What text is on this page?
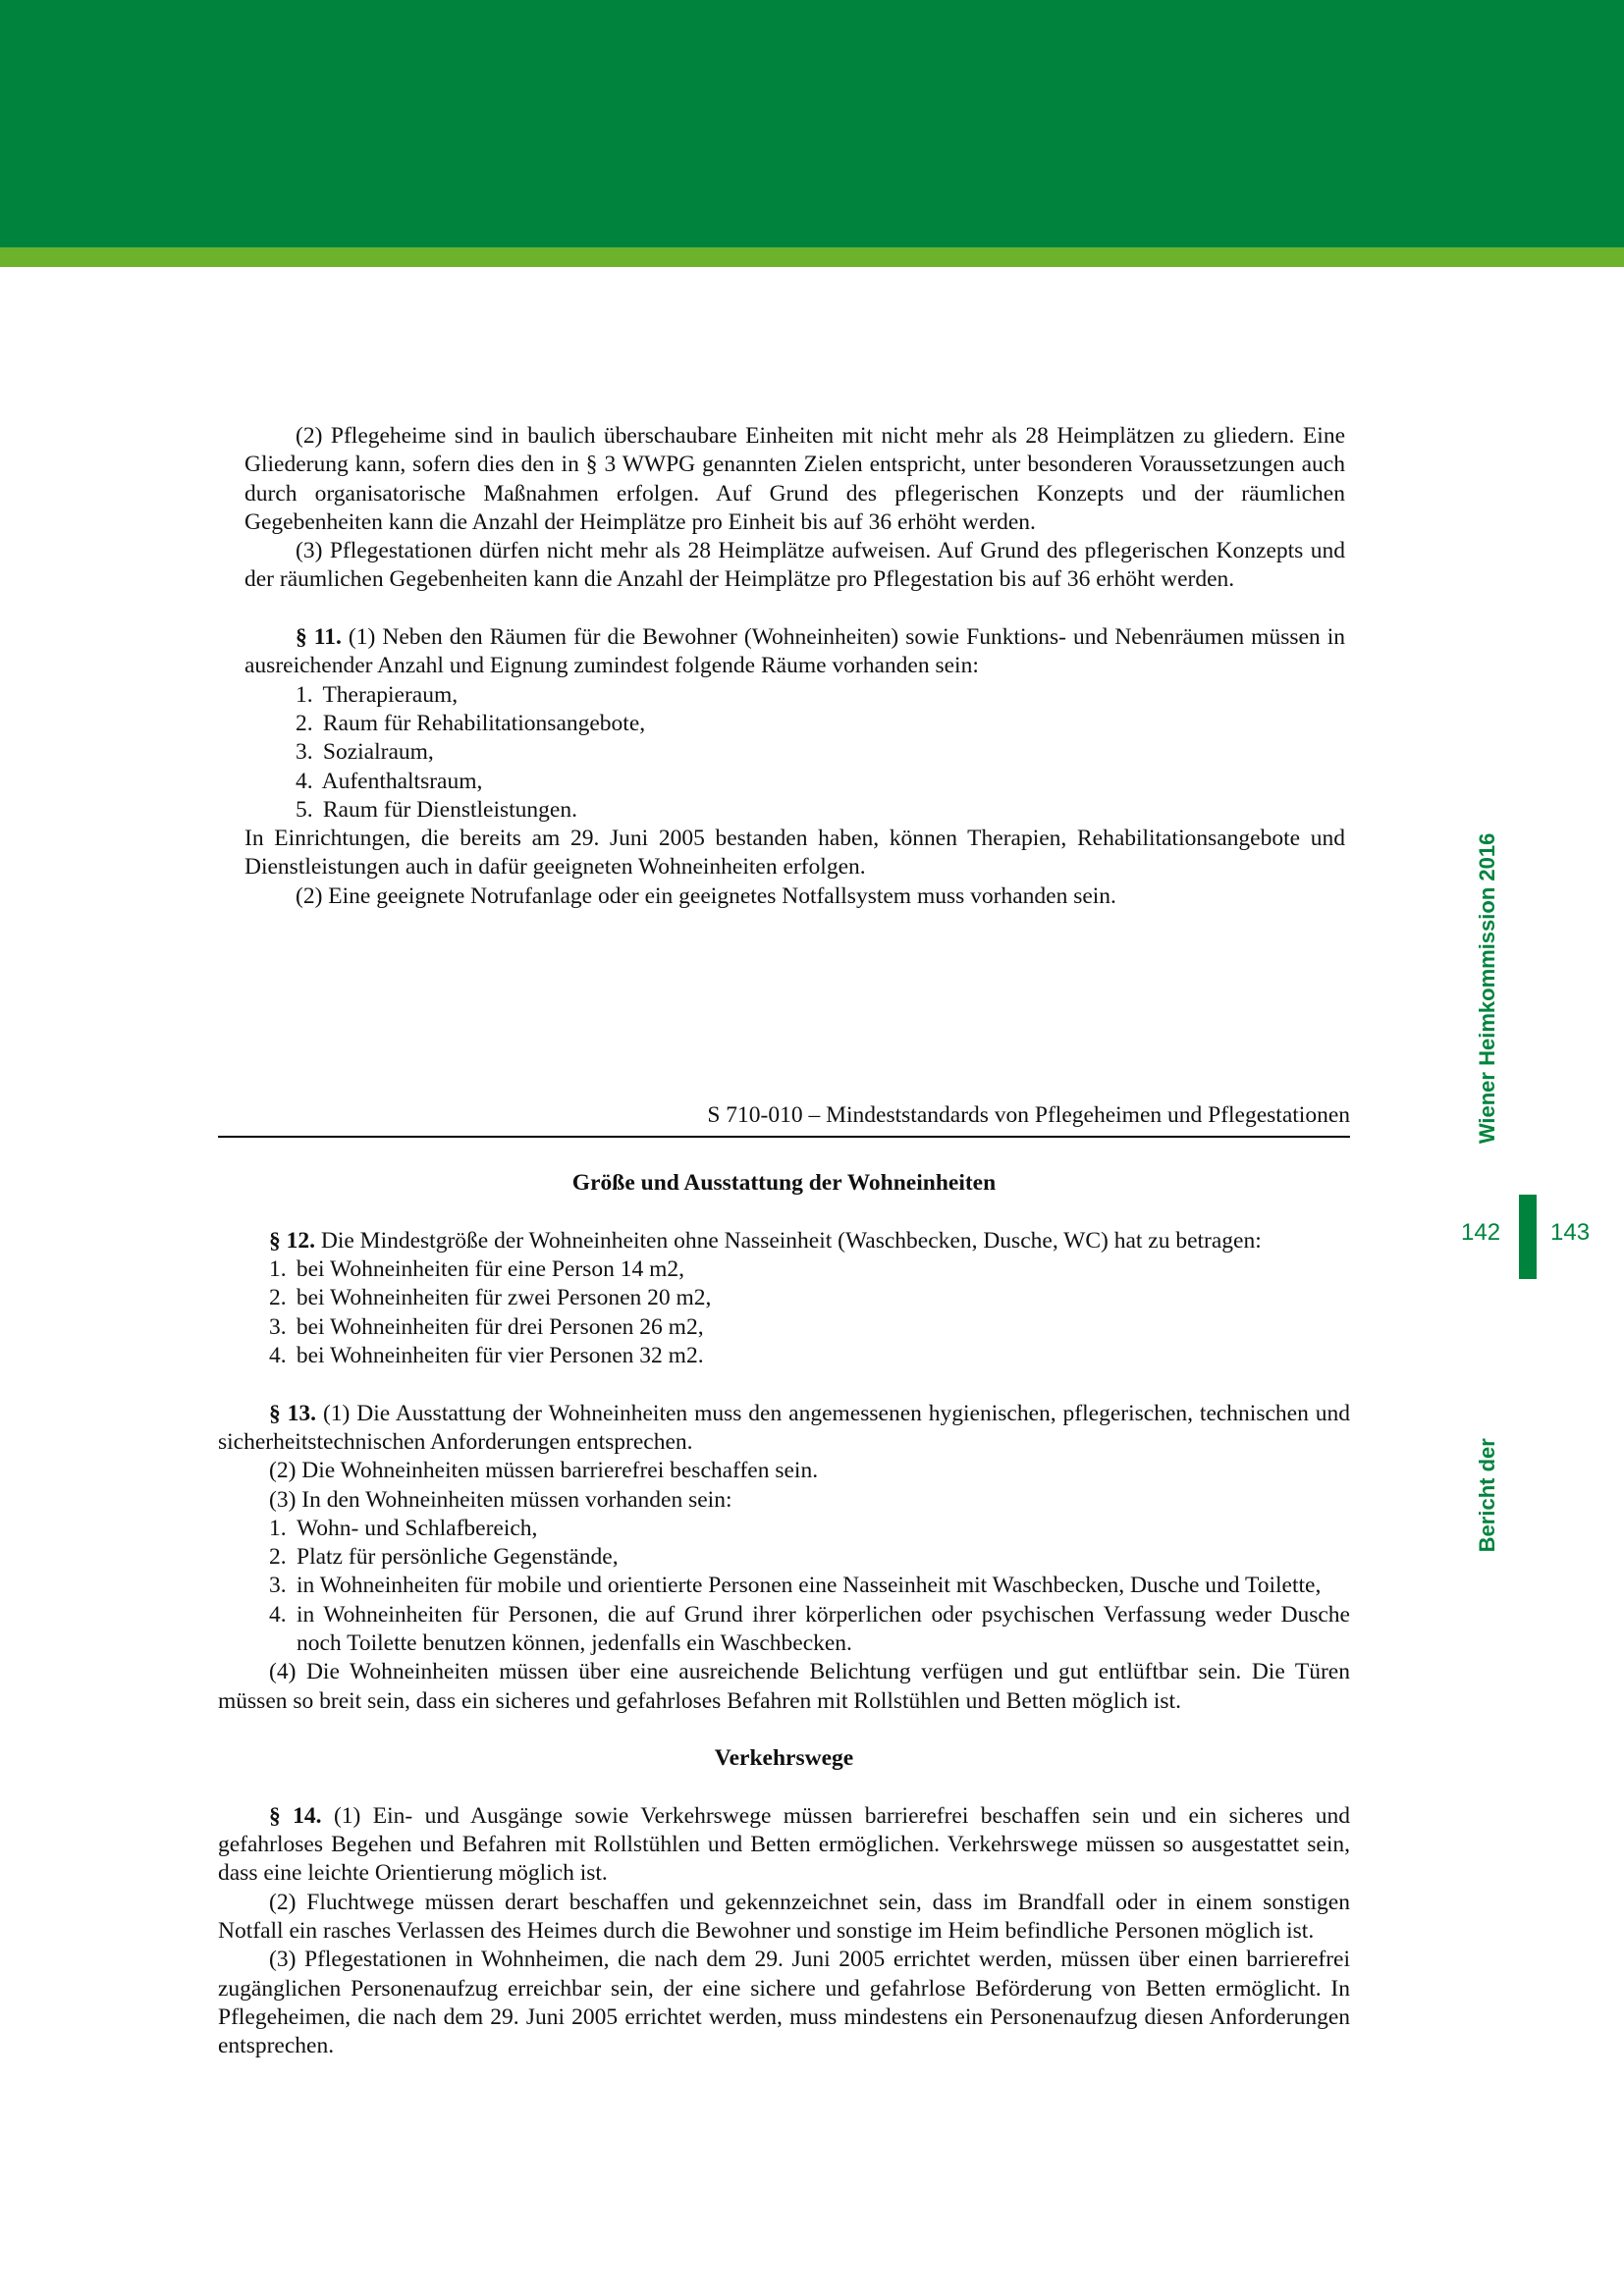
(2) Pflegeheime sind in baulich überschaubare Einheiten mit nicht mehr als 28 Heimplätzen zu gliedern. Eine Gliederung kann, sofern dies den in § 3 WWPG genannten Zielen entspricht, unter besonderen Voraussetzungen auch durch organisatorische Maßnahmen erfolgen. Auf Grund des pflegerischen Konzepts und der räumlichen Gegebenheiten kann die Anzahl der Heimplätze pro Einheit bis auf 36 erhöht werden.

(3) Pflegestationen dürfen nicht mehr als 28 Heimplätze aufweisen. Auf Grund des pflegerischen Konzepts und der räumlichen Gegebenheiten kann die Anzahl der Heimplätze pro Pflegestation bis auf 36 erhöht werden.

§ 11. (1) Neben den Räumen für die Bewohner (Wohneinheiten) sowie Funktions- und Nebenräumen müssen in ausreichender Anzahl und Eignung zumindest folgende Räume vorhanden sein:

1. Therapieraum,

2. Raum für Rehabilitationsangebote,

3. Sozialraum,

4. Aufenthaltsraum,

5. Raum für Dienstleistungen.

In Einrichtungen, die bereits am 29. Juni 2005 bestanden haben, können Therapien, Rehabilitationsangebote und Dienstleistungen auch in dafür geeigneten Wohneinheiten erfolgen.

(2) Eine geeignete Notrufanlage oder ein geeignetes Notfallsystem muss vorhanden sein.

S 710-010 – Mindeststandards von Pflegeheimen und Pflegestationen

Größe und Ausstattung der Wohneinheiten

§ 12. Die Mindestgröße der Wohneinheiten ohne Nasseinheit (Waschbecken, Dusche, WC) hat zu betragen:

1. bei Wohneinheiten für eine Person 14 m2,

2. bei Wohneinheiten für zwei Personen 20 m2,

3. bei Wohneinheiten für drei Personen 26 m2,

4. bei Wohneinheiten für vier Personen 32 m2.

§ 13. (1) Die Ausstattung der Wohneinheiten muss den angemessenen hygienischen, pflegerischen, technischen und sicherheitstechnischen Anforderungen entsprechen.

(2) Die Wohneinheiten müssen barrierefrei beschaffen sein.

(3) In den Wohneinheiten müssen vorhanden sein:

1. Wohn- und Schlafbereich,

2. Platz für persönliche Gegenstände,

3. in Wohneinheiten für mobile und orientierte Personen eine Nasseinheit mit Waschbecken, Dusche und Toilette,

4. in Wohneinheiten für Personen, die auf Grund ihrer körperlichen oder psychischen Verfassung weder Dusche noch Toilette benutzen können, jedenfalls ein Waschbecken.

(4) Die Wohneinheiten müssen über eine ausreichende Belichtung verfügen und gut entlüftbar sein. Die Türen müssen so breit sein, dass ein sicheres und gefahrloses Befahren mit Rollstühlen und Betten möglich ist.

Verkehrswege

§ 14. (1) Ein- und Ausgänge sowie Verkehrswege müssen barrierefrei beschaffen sein und ein sicheres und gefahrloses Begehen und Befahren mit Rollstühlen und Betten ermöglichen. Verkehrswege müssen so ausgestattet sein, dass eine leichte Orientierung möglich ist.

(2) Fluchtwege müssen derart beschaffen und gekennzeichnet sein, dass im Brandfall oder in einem sonstigen Notfall ein rasches Verlassen des Heimes durch die Bewohner und sonstige im Heim befindliche Personen möglich ist.

(3) Pflegestationen in Wohnheimen, die nach dem 29. Juni 2005 errichtet werden, müssen über einen barrierefrei zugänglichen Personenaufzug erreichbar sein, der eine sichere und gefahrlose Beförderung von Betten ermöglicht. In Pflegeheimen, die nach dem 29. Juni 2005 errichtet werden, muss mindestens ein Personenaufzug diesen Anforderungen entsprechen.

Bericht derWiener Heimkommission 2016
142 143
